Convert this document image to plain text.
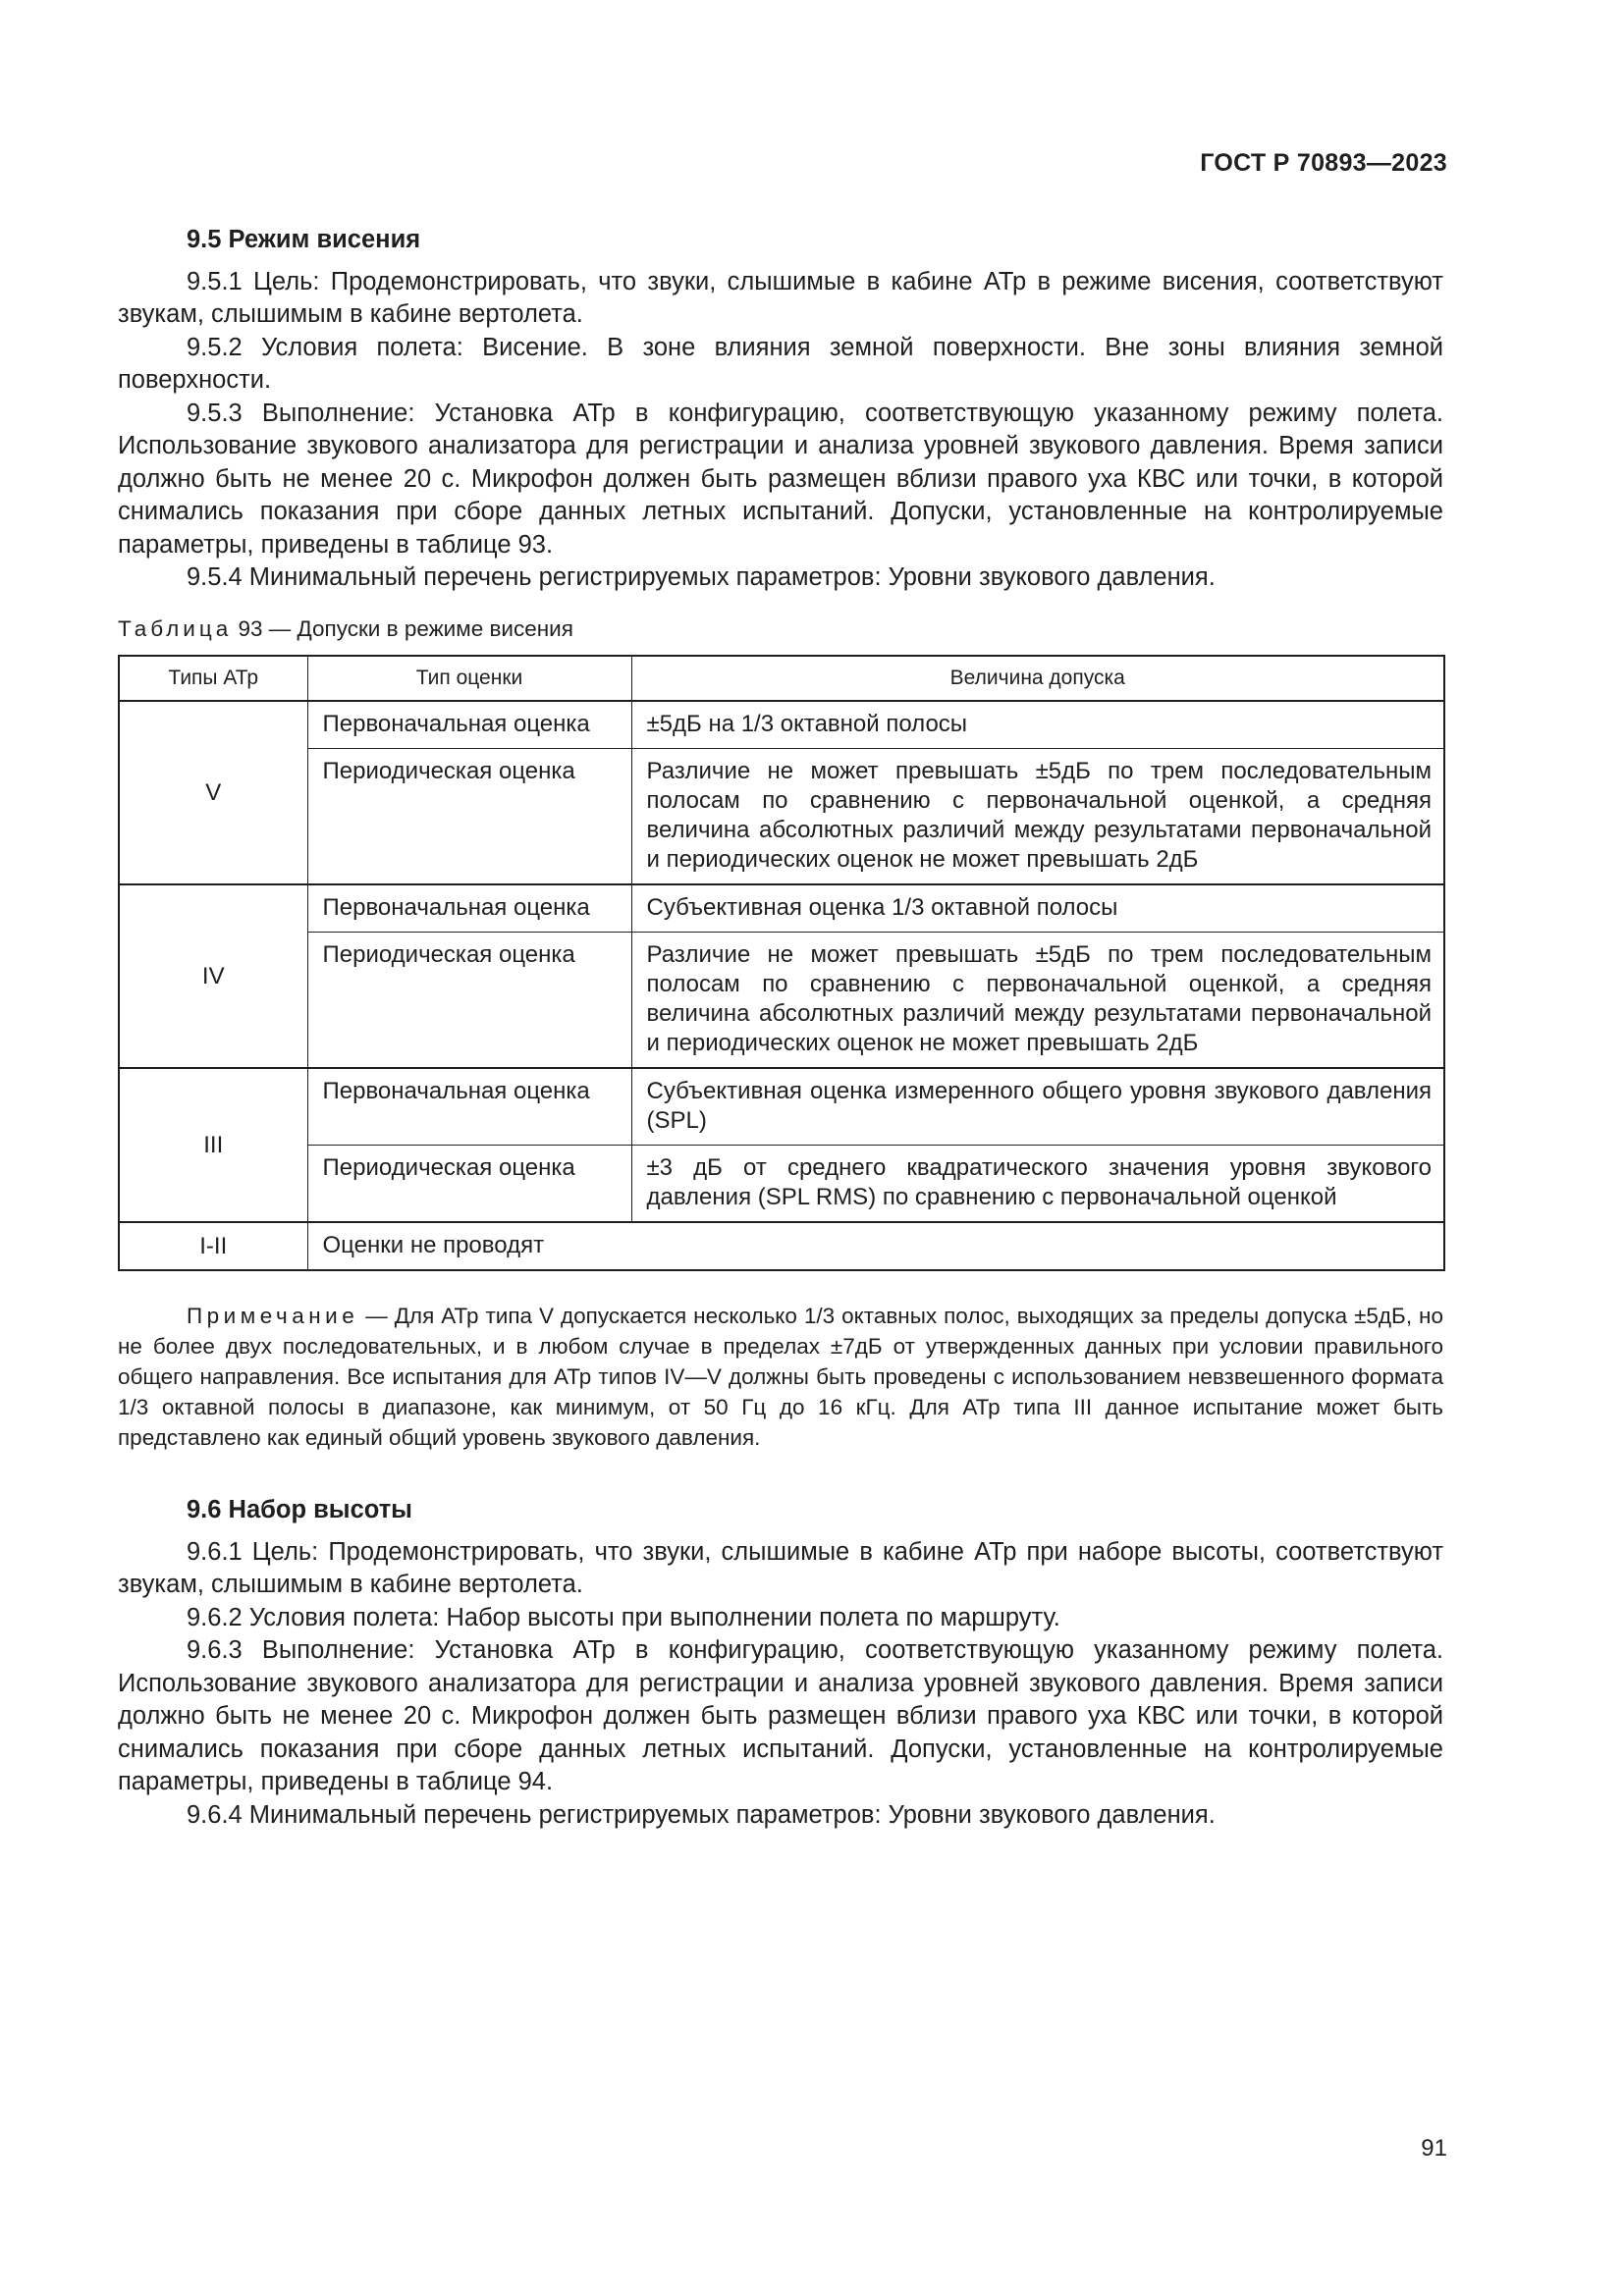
ГОСТ Р 70893—2023
9.5 Режим висения

9.5.1 Цель: Продемонстрировать, что звуки, слышимые в кабине АТр в режиме висения, соответствуют звукам, слышимым в кабине вертолета.

9.5.2 Условия полета: Висение. В зоне влияния земной поверхности. Вне зоны влияния земной поверхности.

9.5.3 Выполнение: Установка АТр в конфигурацию, соответствующую указанному режиму полета. Использование звукового анализатора для регистрации и анализа уровней звукового давления. Время записи должно быть не менее 20 с. Микрофон должен быть размещен вблизи правого уха КВС или точки, в которой снимались показания при сборе данных летных испытаний. Допуски, установленные на контролируемые параметры, приведены в таблице 93.

9.5.4 Минимальный перечень регистрируемых параметров: Уровни звукового давления.

Таблица 93 — Допуски в режиме висения
Типы АТр	Тип оценки	Величина допуска
V	Первоначальная оценка	±5дБ на 1/3 октавной полосы
	Периодическая оценка	Различие не может превышать ±5дБ по трем последовательным полосам по сравнению с первоначальной оценкой, а средняя величина абсолютных различий между результатами первоначальной и периодических оценок не может превышать 2дБ
IV	Первоначальная оценка	Субъективная оценка 1/3 октавной полосы
	Периодическая оценка	Различие не может превышать ±5дБ по трем последовательным полосам по сравнению с первоначальной оценкой, а средняя величина абсолютных различий между результатами первоначальной и периодических оценок не может превышать 2дБ
III	Первоначальная оценка	Субъективная оценка измеренного общего уровня звукового давления (SPL)
	Периодическая оценка	±3 дБ от среднего квадратического значения уровня звукового давления (SPL RMS) по сравнению с первоначальной оценкой
I-II	Оценки не проводят	

Примечание — Для АТр типа V допускается несколько 1/3 октавных полос, выходящих за пределы допуска ±5дБ, но не более двух последовательных, и в любом случае в пределах ±7дБ от утвержденных данных при условии правильного общего направления. Все испытания для АТр типов IV—V должны быть проведены с использованием невзвешенного формата 1/3 октавной полосы в диапазоне, как минимум, от 50 Гц до 16 кГц. Для АТр типа III данное испытание может быть представлено как единый общий уровень звукового давления.

9.6 Набор высоты

9.6.1 Цель: Продемонстрировать, что звуки, слышимые в кабине АТр при наборе высоты, соответствуют звукам, слышимым в кабине вертолета.

9.6.2 Условия полета: Набор высоты при выполнении полета по маршруту.

9.6.3 Выполнение: Установка АТр в конфигурацию, соответствующую указанному режиму полета. Использование звукового анализатора для регистрации и анализа уровней звукового давления. Время записи должно быть не менее 20 с. Микрофон должен быть размещен вблизи правого уха КВС или точки, в которой снимались показания при сборе данных летных испытаний. Допуски, установленные на контролируемые параметры, приведены в таблице 94.

9.6.4 Минимальный перечень регистрируемых параметров: Уровни звукового давления.

91
